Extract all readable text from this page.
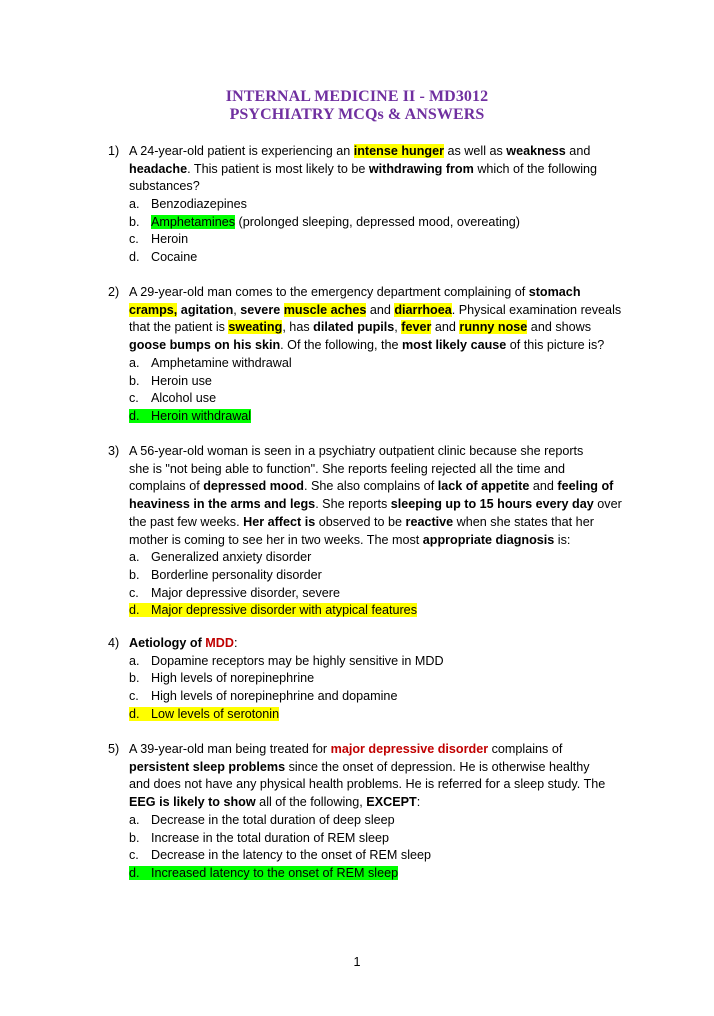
INTERNAL MEDICINE II - MD3012
PSYCHIATRY MCQs & ANSWERS
1) A 24-year-old patient is experiencing an intense hunger as well as weakness and
headache. This patient is most likely to be withdrawing from which of the following
substances?
a. Benzodiazepines
b. Amphetamines (prolonged sleeping, depressed mood, overeating)
c. Heroin
d. Cocaine
2) A 29-year-old man comes to the emergency department complaining of stomach
cramps, agitation, severe muscle aches and diarrhoea. Physical examination reveals
that the patient is sweating, has dilated pupils, fever and runny nose and shows
goose bumps on his skin. Of the following, the most likely cause of this picture is?
a. Amphetamine withdrawal
b. Heroin use
c. Alcohol use
d. Heroin withdrawal
3) A 56-year-old woman is seen in a psychiatry outpatient clinic because she reports
she is "not being able to function". She reports feeling rejected all the time and
complains of depressed mood. She also complains of lack of appetite and feeling of
heaviness in the arms and legs. She reports sleeping up to 15 hours every day over
the past few weeks. Her affect is observed to be reactive when she states that her
mother is coming to see her in two weeks. The most appropriate diagnosis is:
a. Generalized anxiety disorder
b. Borderline personality disorder
c. Major depressive disorder, severe
d. Major depressive disorder with atypical features
4) Aetiology of MDD:
a. Dopamine receptors may be highly sensitive in MDD
b. High levels of norepinephrine
c. High levels of norepinephrine and dopamine
d. Low levels of serotonin
5) A 39-year-old man being treated for major depressive disorder complains of
persistent sleep problems since the onset of depression. He is otherwise healthy
and does not have any physical health problems. He is referred for a sleep study. The
EEG is likely to show all of the following, EXCEPT:
a. Decrease in the total duration of deep sleep
b. Increase in the total duration of REM sleep
c. Decrease in the latency to the onset of REM sleep
d. Increased latency to the onset of REM sleep
1
